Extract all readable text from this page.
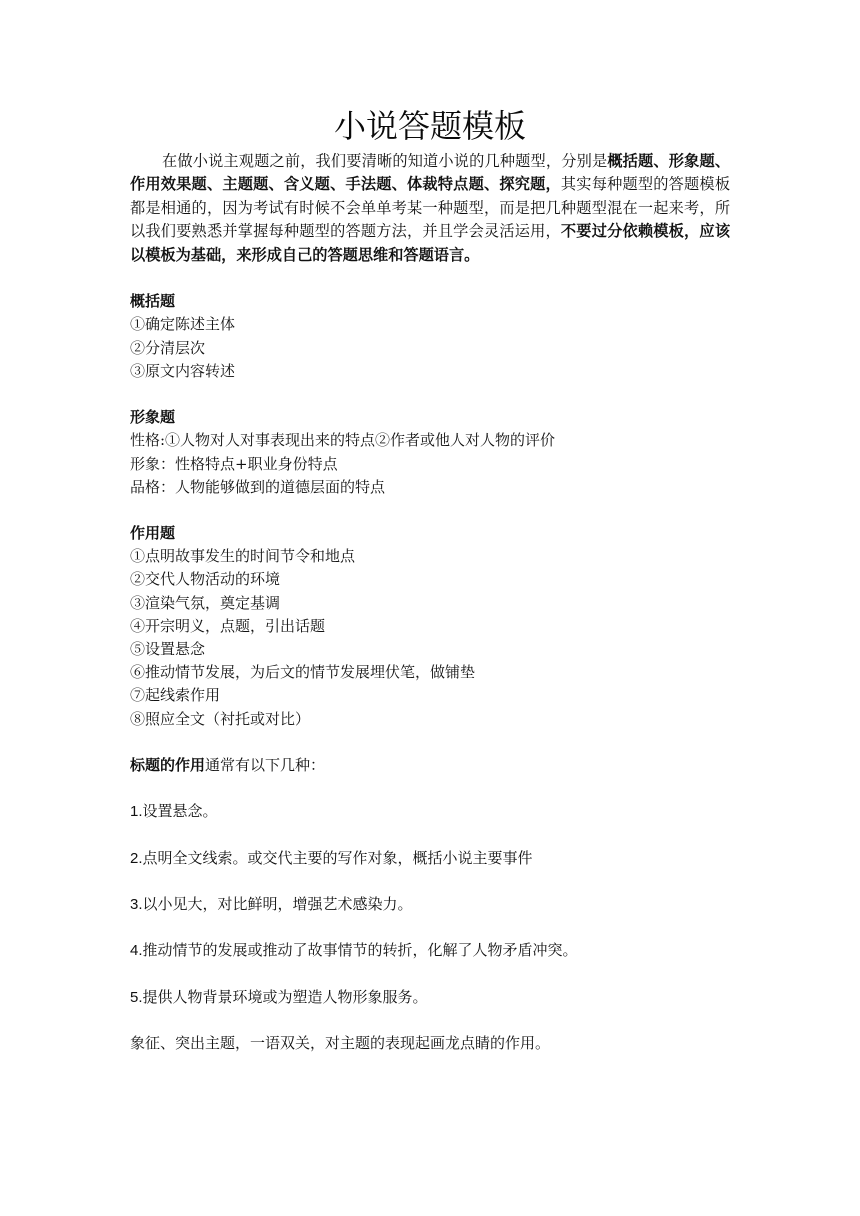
小说答题模板

在做小说主观题之前，我们要清晰的知道小说的几种题型，分别是概括题、形象题、作用效果题、主题题、含义题、手法题、体裁特点题、探究题，其实每种题型的答题模板都是相通的，因为考试有时候不会单单考某一种题型，而是把几种题型混在一起来考，所以我们要熟悉并掌握每种题型的答题方法，并且学会灵活运用，不要过分依赖模板，应该以模板为基础，来形成自己的答题思维和答题语言。

概括题
①确定陈述主体
②分清层次
③原文内容转述
形象题
性格:①人物对人对事表现出来的特点②作者或他人对人物的评价
形象：性格特点+职业身份特点
品格：人物能够做到的道德层面的特点
作用题
①点明故事发生的时间节令和地点
②交代人物活动的环境
③渲染气氛，奠定基调
④开宗明义，点题，引出话题
⑤设置悬念
⑥推动情节发展，为后文的情节发展埋伏笔，做铺垫
⑦起线索作用
⑧照应全文（衬托或对比）
标题的作用通常有以下几种：
1.设置悬念。
2.点明全文线索。或交代主要的写作对象，概括小说主要事件
3.以小见大，对比鲜明，增强艺术感染力。
4.推动情节的发展或推动了故事情节的转折，化解了人物矛盾冲突。
5.提供人物背景环境或为塑造人物形象服务。
象征、突出主题，一语双关，对主题的表现起画龙点睛的作用。
